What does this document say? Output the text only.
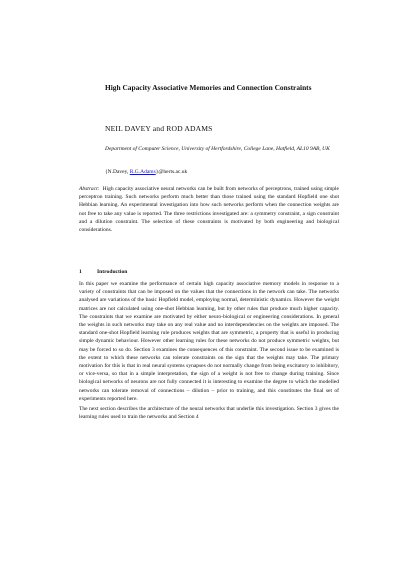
High Capacity Associative Memories and Connection Constraints
NEIL DAVEY and ROD ADAMS
Department of Computer Science, University of Hertfordshire, College Lane, Hatfield, AL10 9AB, UK
{N.Davey, R.G.Adams}@herts.ac.uk
Abstract: High capacity associative neural networks can be built from networks of perceptrons, trained using simple perceptron training. Such networks perform much better than those trained using the standard Hopfield one shot Hebbian learning. An experimental investigation into how such networks perform when the connection weights are not free to take any value is reported. The three restrictions investigated are: a symmetry constraint, a sign constraint and a dilution constraint. The selection of these constraints is motivated by both engineering and biological considerations.
1	Introduction

In this paper we examine the performance of certain high capacity associative memory models in response to a variety of constraints that can be imposed on the values that the connections in the network can take. The networks analysed are variations of the basic Hopfield model, employing normal, deterministic dynamics. However the weight matrices are not calculated using one-shot Hebbian learning, but by other rules that produce much higher capacity. The constraints that we examine are motivated by either neuro-biological or engineering considerations. In general the weights in such networks may take on any real value and no interdependencies on the weights are imposed. The standard one-shot Hopfield learning rule produces weights that are symmetric, a property that is useful in producing simple dynamic behaviour. However other learning rules for these networks do not produce symmetric weights, but may be forced to so do. Section 3 examines the consequences of this constraint. The second issue to be examined is the extent to which these networks can tolerate constraints on the sign that the weights may take. The primary motivation for this is that in real neural systems synapses do not normally change from being excitatory to inhibitory, or vice-versa, so that in a simple interpretation, the sign of a weight is not free to change during training. Since biological networks of neurons are not fully connected it is interesting to examine the degree to which the modelled networks can tolerate removal of connections – dilution – prior to training, and this constitutes the final set of experiments reported here.

The next section describes the architecture of the neural networks that underlie this investigation. Section 3 gives the learning rules used to train the networks and Section 4
